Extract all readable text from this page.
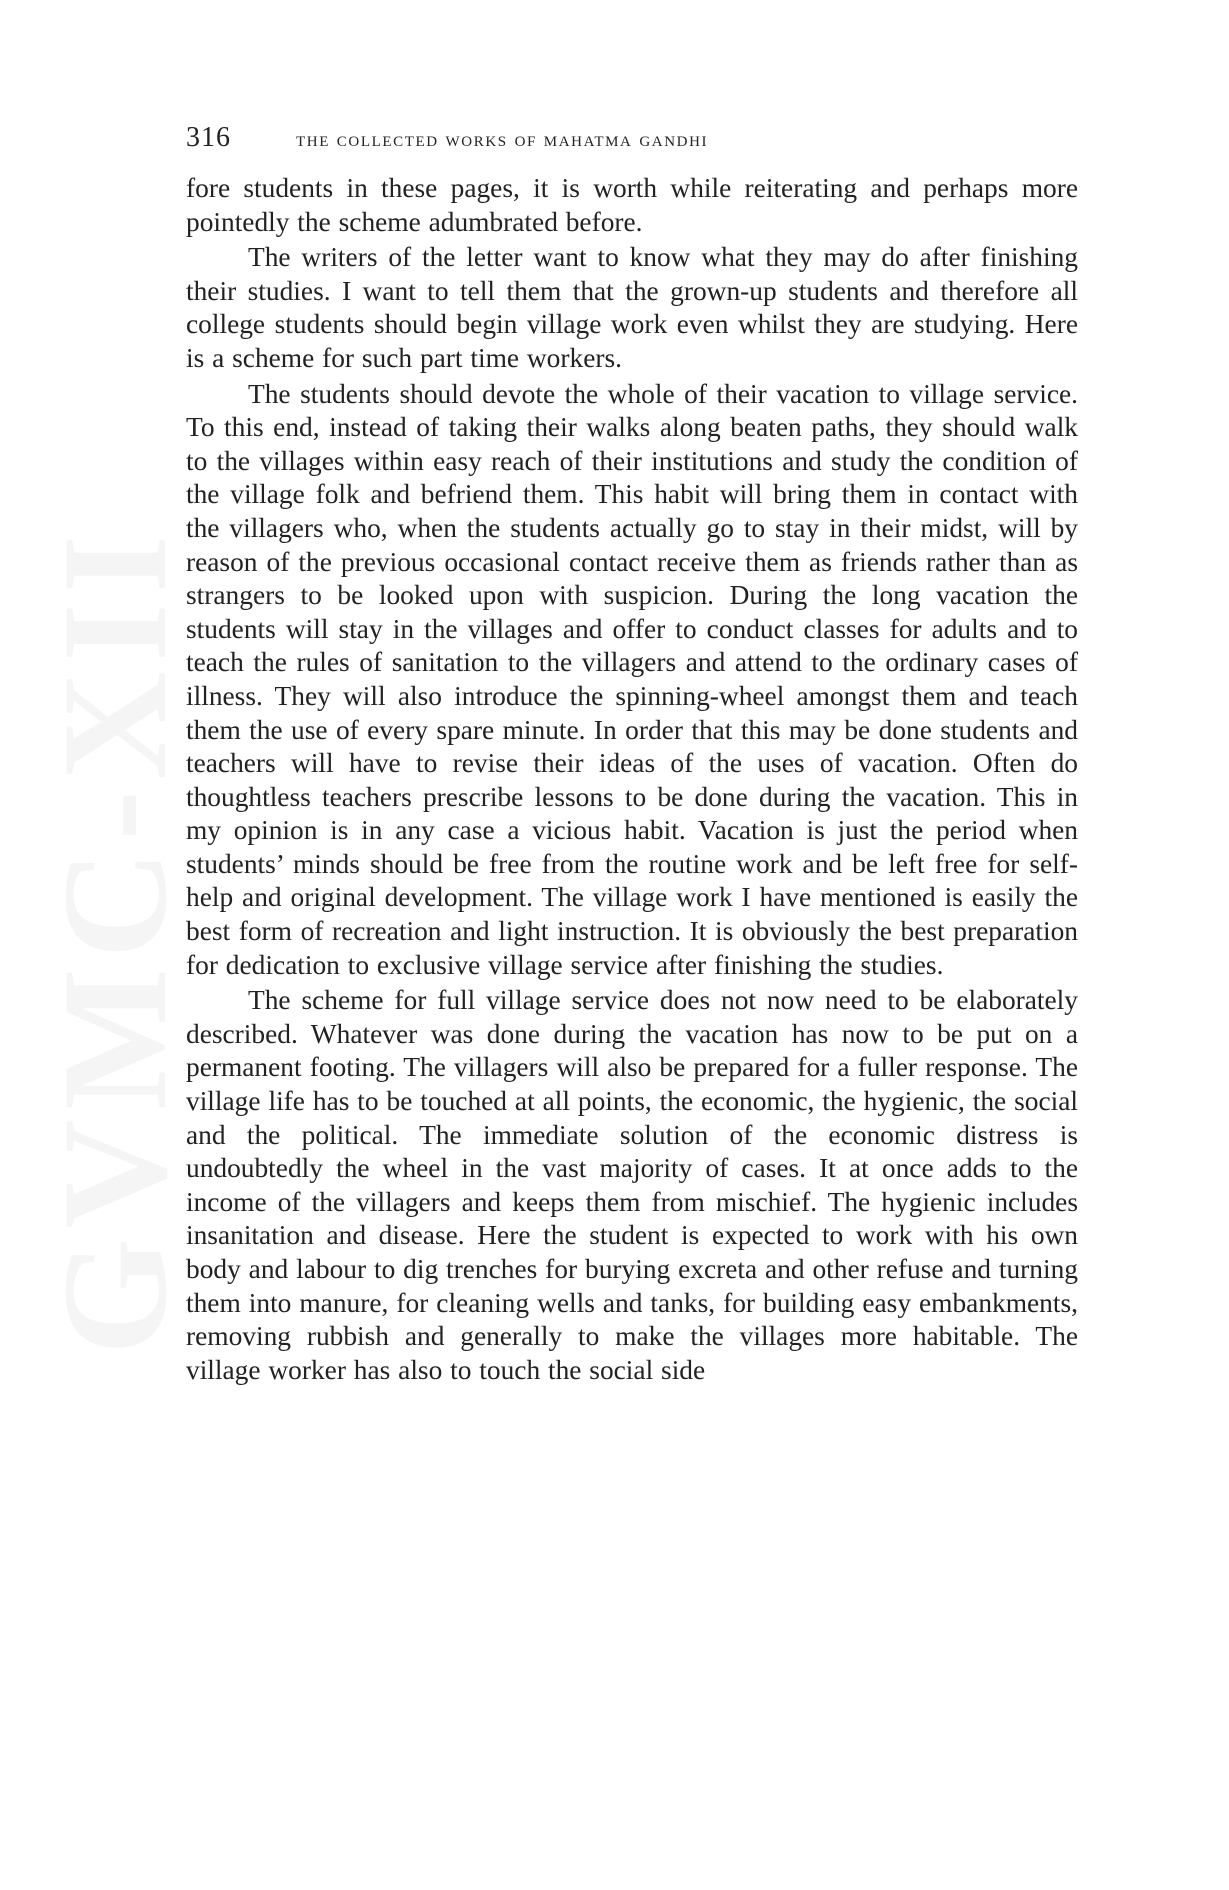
GVMC-XII
316	the collected works of mahatma gandhi

fore students in these pages, it is worth while reiterating and perhaps more pointedly the scheme adumbrated before.

The writers of the letter want to know what they may do after finishing their studies. I want to tell them that the grown-up students and therefore all college students should begin village work even whilst they are studying. Here is a scheme for such part time workers.

The students should devote the whole of their vacation to village service. To this end, instead of taking their walks along beaten paths, they should walk to the villages within easy reach of their institutions and study the condition of the village folk and befriend them. This habit will bring them in contact with the villagers who, when the students actually go to stay in their midst, will by reason of the previous occasional contact receive them as friends rather than as strangers to be looked upon with suspicion. During the long vacation the students will stay in the villages and offer to conduct classes for adults and to teach the rules of sanitation to the villagers and attend to the ordinary cases of illness. They will also introduce the spinning-wheel amongst them and teach them the use of every spare minute. In order that this may be done students and teachers will have to revise their ideas of the uses of vacation. Often do thoughtless teachers prescribe lessons to be done during the vacation. This in my opinion is in any case a vicious habit. Vacation is just the period when students’ minds should be free from the routine work and be left free for self-help and original development. The village work I have mentioned is easily the best form of recreation and light instruction. It is obviously the best preparation for dedication to exclusive village service after finishing the studies.

The scheme for full village service does not now need to be elaborately described. Whatever was done during the vacation has now to be put on a permanent footing. The villagers will also be prepared for a fuller response. The village life has to be touched at all points, the economic, the hygienic, the social and the political. The immediate solution of the economic distress is undoubtedly the wheel in the vast majority of cases. It at once adds to the income of the villagers and keeps them from mischief. The hygienic includes insanitation and disease. Here the student is expected to work with his own body and labour to dig trenches for burying excreta and other refuse and turning them into manure, for cleaning wells and tanks, for building easy embankments, removing rubbish and generally to make the villages more habitable. The village worker has also to touch the social side
